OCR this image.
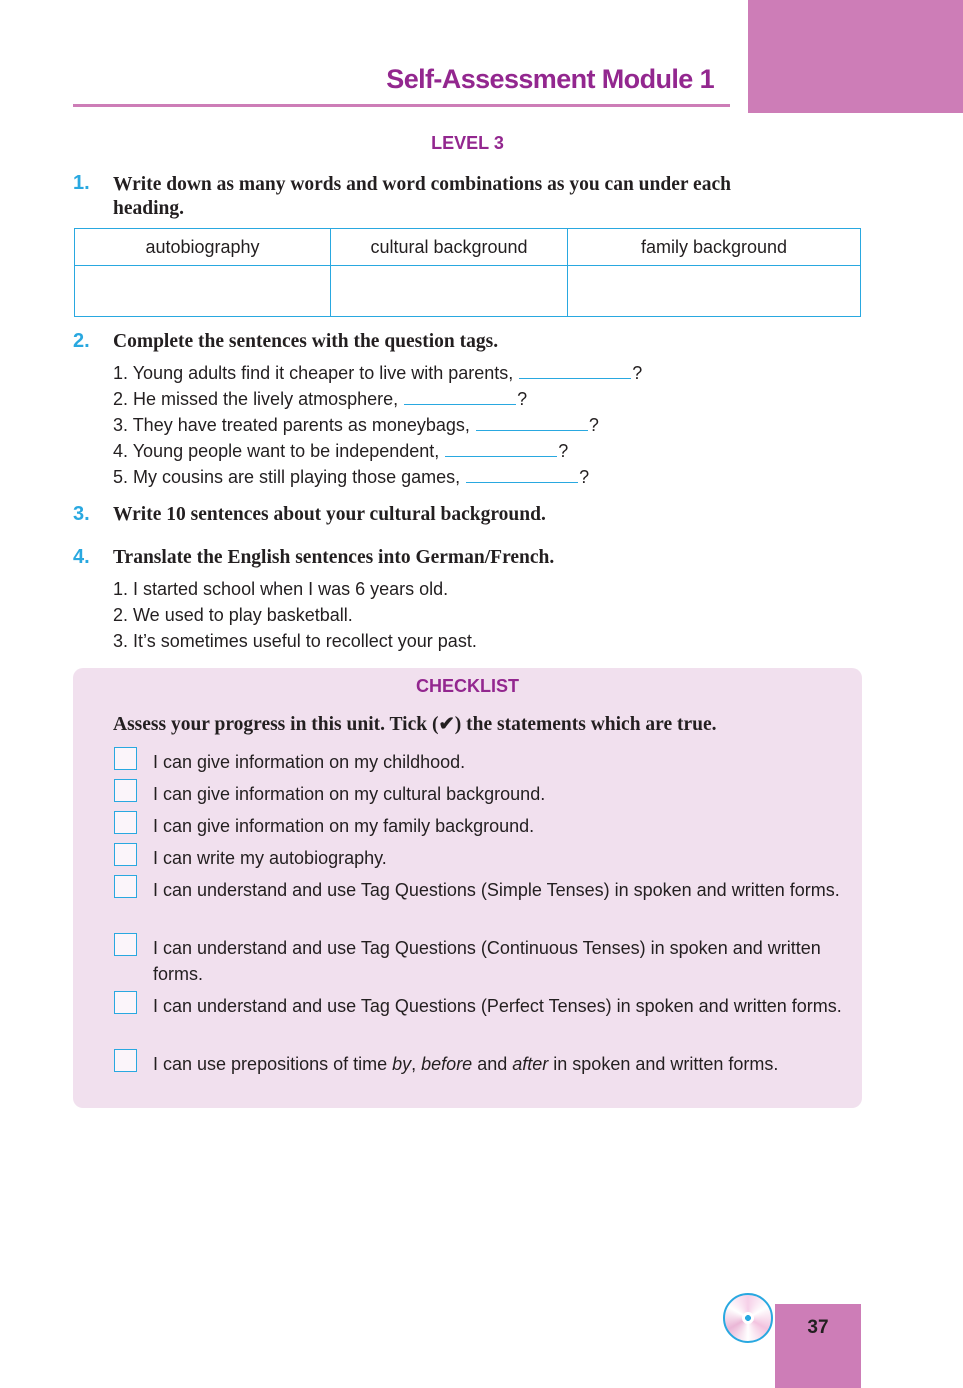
Self-Assessment Module 1
LEVEL 3
1. Write down as many words and word combinations as you can under each
heading.
autobiography	cultural background	family background

2. Complete the sentences with the question tags.
1. Young adults find it cheaper to live with parents,	?
2. He missed the lively atmosphere,	?
3. They have treated parents as moneybags,	?
4. Young people want to be independent,	?
5. My cousins are still playing those games,	?
3. Write 10 sentences about your cultural background.
4. Translate the English sentences into German/French.
1. I started school when I was 6 years old.
2. We used to play basketball.
3. It’s sometimes useful to recollect your past.
CHECKLIST
Assess your progress in this unit. Tick (✔) the statements which are true.
I can give information on my childhood.
I can give information on my cultural background.
I can give information on my family background.
I can write my autobiography.
I can understand and use Tag Questions (Simple Tenses) in spoken and written forms.
I can understand and use Tag Questions (Continuous Tenses) in spoken and written forms.
I can understand and use Tag Questions (Perfect Tenses) in spoken and written forms.
I can use prepositions of time by, before and after in spoken and written forms.
37
